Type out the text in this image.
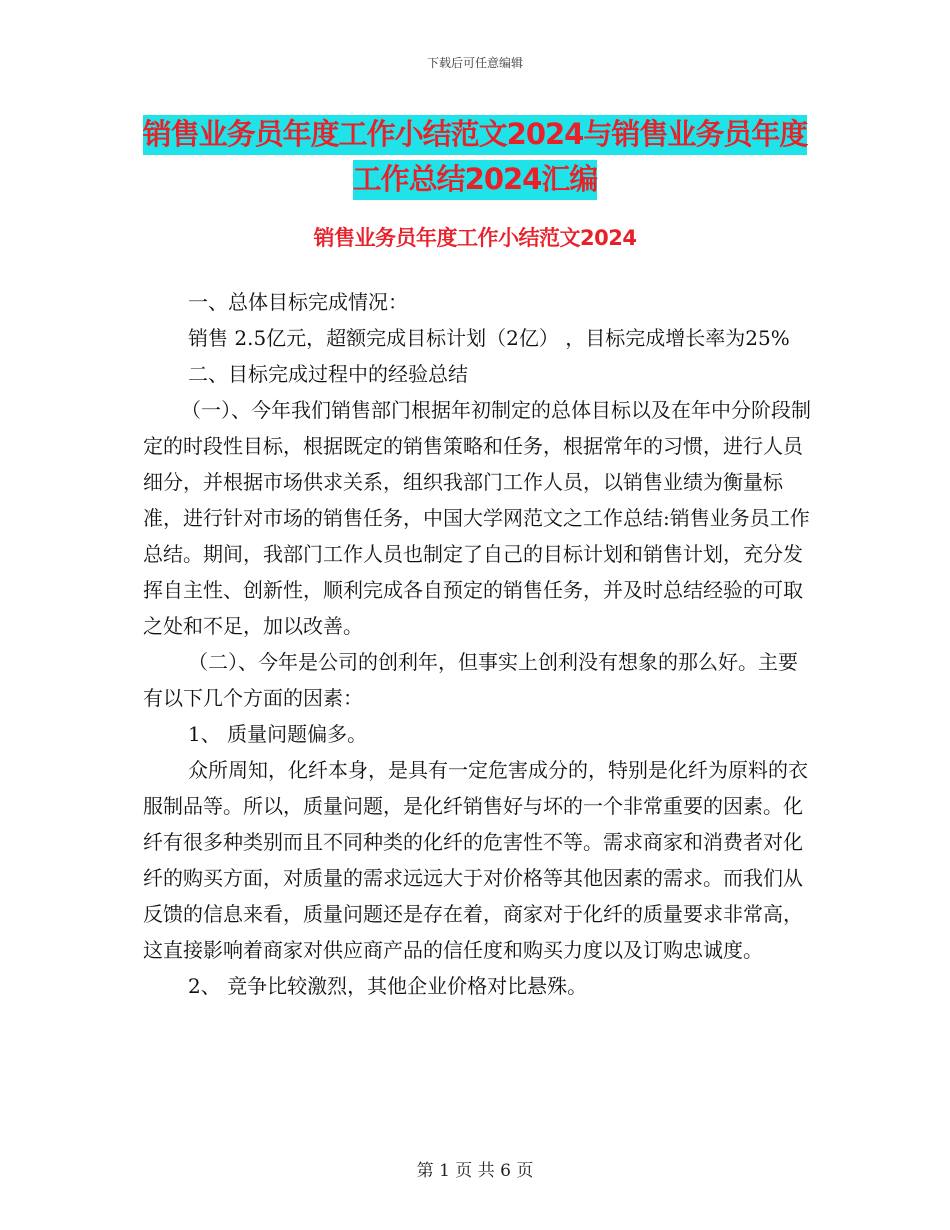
下载后可任意编辑
销售业务员年度工作小结范文2024与销售业务员年度
工作总结2024汇编
销售业务员年度工作小结范文2024

一、总体目标完成情况：

销售 2.5亿元，超额完成目标计划（2亿） ，目标完成增长率为25%

二、目标完成过程中的经验总结

（一）、今年我们销售部门根据年初制定的总体目标以及在年中分阶段制定的时段性目标，根据既定的销售策略和任务，根据常年的习惯，进行人员细分，并根据市场供求关系，组织我部门工作人员，以销售业绩为衡量标准，进行针对市场的销售任务，中国大学网范文之工作总结:销售业务员工作总结。期间，我部门工作人员也制定了自己的目标计划和销售计划，充分发挥自主性、创新性，顺利完成各自预定的销售任务，并及时总结经验的可取之处和不足，加以改善。

（二）、今年是公司的创利年，但事实上创利没有想象的那么好。主要有以下几个方面的因素：

1、 质量问题偏多。

众所周知，化纤本身，是具有一定危害成分的，特别是化纤为原料的衣服制品等。所以，质量问题，是化纤销售好与坏的一个非常重要的因素。化纤有很多种类别而且不同种类的化纤的危害性不等。需求商家和消费者对化纤的购买方面，对质量的需求远远大于对价格等其他因素的需求。而我们从反馈的信息来看，质量问题还是存在着，商家对于化纤的质量要求非常高，这直接影响着商家对供应商产品的信任度和购买力度以及订购忠诚度。

2、 竞争比较激烈，其他企业价格对比悬殊。

第 1 页 共 6 页
